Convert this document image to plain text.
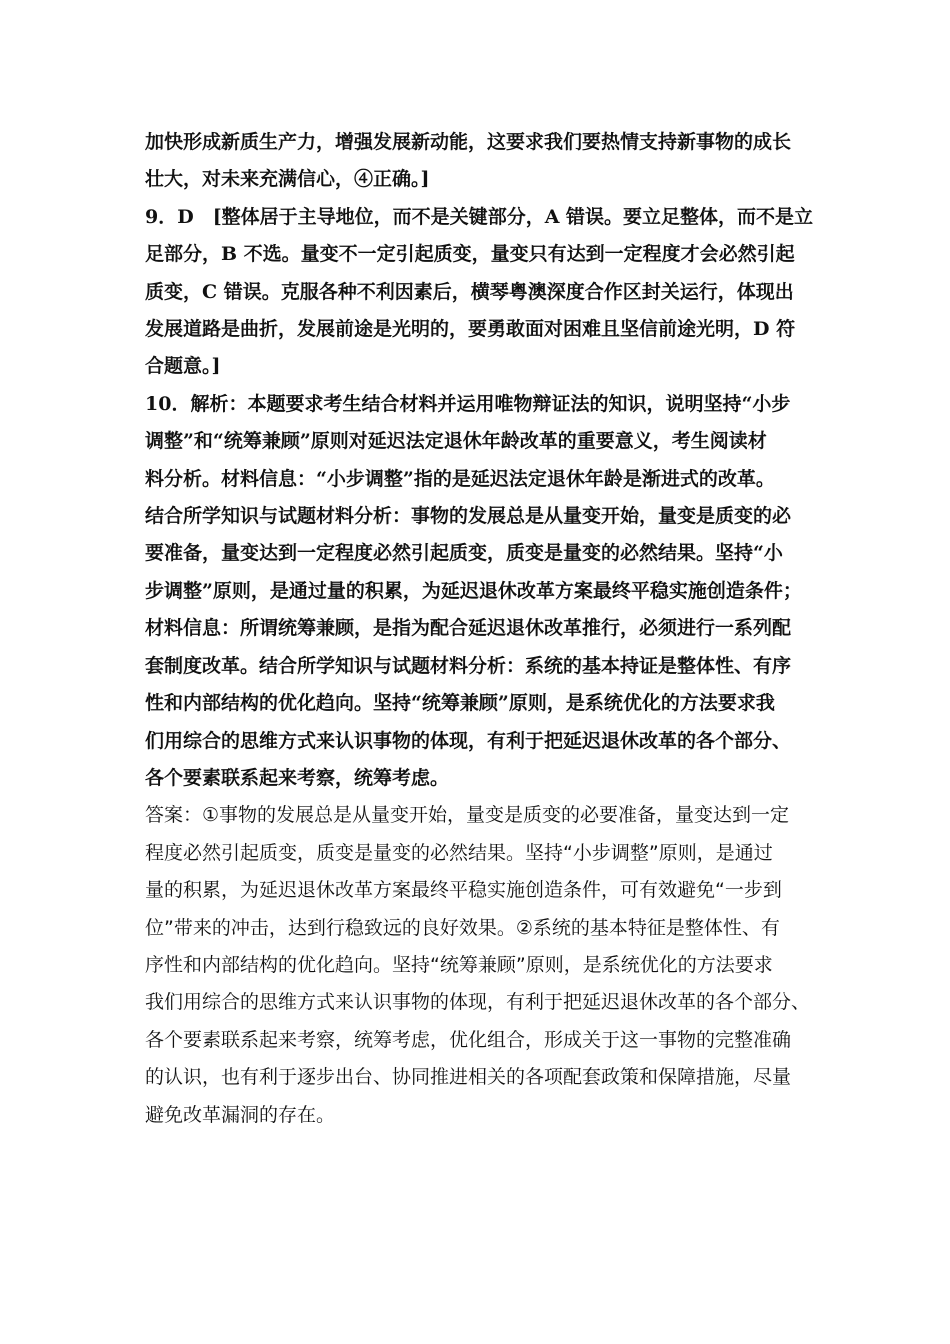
加快形成新质生产力，增强发展新动能，这要求我们要热情支持新事物的成长

壮大，对未来充满信心，④正确。]

9．D　[整体居于主导地位，而不是关键部分，A 错误。要立足整体，而不是立

足部分，B 不选。量变不一定引起质变，量变只有达到一定程度才会必然引起

质变，C 错误。克服各种不利因素后，横琴粤澳深度合作区封关运行，体现出

发展道路是曲折，发展前途是光明的，要勇敢面对困难且坚信前途光明，D 符

合题意。]

10．解析：本题要求考生结合材料并运用唯物辩证法的知识，说明坚持“小步

调整”和“统筹兼顾”原则对延迟法定退休年龄改革的重要意义，考生阅读材

料分析。材料信息：“小步调整”指的是延迟法定退休年龄是渐进式的改革。

结合所学知识与试题材料分析：事物的发展总是从量变开始，量变是质变的必

要准备，量变达到一定程度必然引起质变，质变是量变的必然结果。坚持“小

步调整”原则，是通过量的积累，为延迟退休改革方案最终平稳实施创造条件；

材料信息：所谓统筹兼顾，是指为配合延迟退休改革推行，必须进行一系列配

套制度改革。结合所学知识与试题材料分析：系统的基本持证是整体性、有序

性和内部结构的优化趋向。坚持“统筹兼顾”原则，是系统优化的方法要求我

们用综合的思维方式来认识事物的体现，有利于把延迟退休改革的各个部分、

各个要素联系起来考察，统筹考虑。

答案：①事物的发展总是从量变开始，量变是质变的必要准备，量变达到一定

程度必然引起质变，质变是量变的必然结果。坚持“小步调整”原则，是通过

量的积累，为延迟退休改革方案最终平稳实施创造条件，可有效避免“一步到

位”带来的冲击，达到行稳致远的良好效果。②系统的基本特征是整体性、有

序性和内部结构的优化趋向。坚持“统筹兼顾”原则，是系统优化的方法要求

我们用综合的思维方式来认识事物的体现，有利于把延迟退休改革的各个部分、

各个要素联系起来考察，统筹考虑，优化组合，形成关于这一事物的完整准确

的认识，也有利于逐步出台、协同推进相关的各项配套政策和保障措施，尽量

避免改革漏洞的存在。
